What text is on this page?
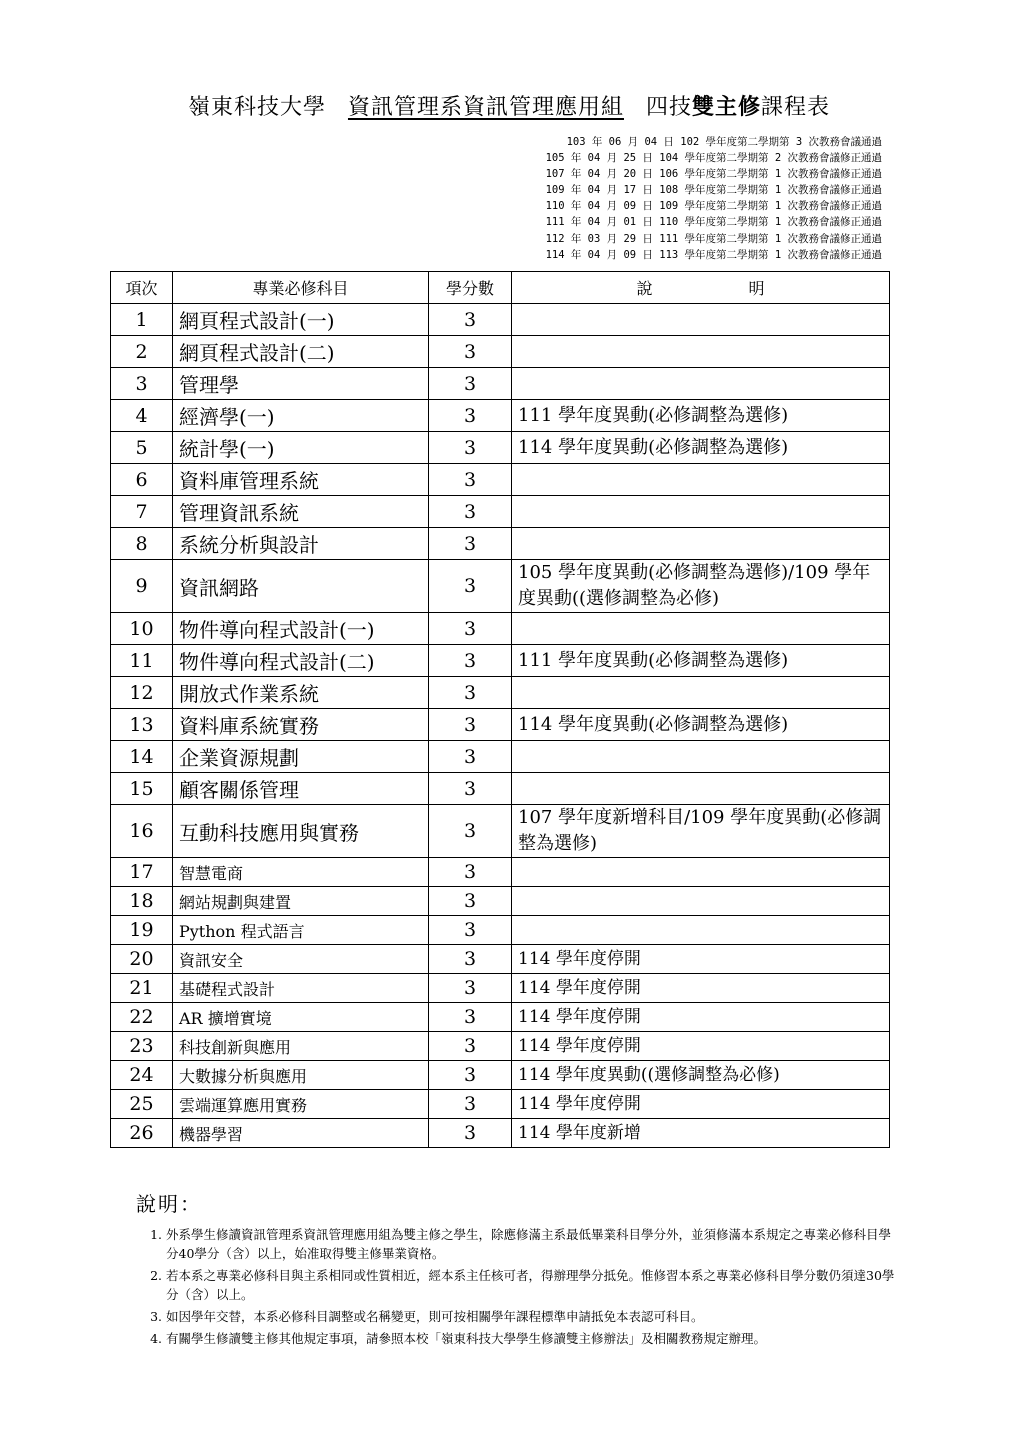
嶺東科技大學 資訊管理系資訊管理應用組 四技雙主修課程表
103 年 06 月 04 日 102 學年度第二學期第 3 次教務會議通過
105 年 04 月 25 日 104 學年度第二學期第 2 次教務會議修正通過
107 年 04 月 20 日 106 學年度第二學期第 1 次教務會議修正通過
109 年 04 月 17 日 108 學年度第二學期第 1 次教務會議修正通過
110 年 04 月 09 日 109 學年度第二學期第 1 次教務會議修正通過
111 年 04 月 01 日 110 學年度第二學期第 1 次教務會議修正通過
112 年 03 月 29 日 111 學年度第二學期第 1 次教務會議修正通過
114 年 04 月 09 日 113 學年度第二學期第 1 次教務會議修正通過
項次	專業必修科目	學分數	說 明
1	網頁程式設計(一)	3	
2	網頁程式設計(二)	3	
3	管理學	3	
4	經濟學(一)	3	111 學年度異動(必修調整為選修)
5	統計學(一)	3	114 學年度異動(必修調整為選修)
6	資料庫管理系統	3	
7	管理資訊系統	3	
8	系統分析與設計	3	
9	資訊網路	3	105 學年度異動(必修調整為選修)/109 學年度異動((選修調整為必修)
10	物件導向程式設計(一)	3	
11	物件導向程式設計(二)	3	111 學年度異動(必修調整為選修)
12	開放式作業系統	3	
13	資料庫系統實務	3	114 學年度異動(必修調整為選修)
14	企業資源規劃	3	
15	顧客關係管理	3	
16	互動科技應用與實務	3	107 學年度新增科目/109 學年度異動(必修調整為選修)
17	智慧電商	3	
18	網站規劃與建置	3	
19	Python 程式語言	3	
20	資訊安全	3	114 學年度停開
21	基礎程式設計	3	114 學年度停開
22	AR 擴增實境	3	114 學年度停開
23	科技創新與應用	3	114 學年度停開
24	大數據分析與應用	3	114 學年度異動((選修調整為必修)
25	雲端運算應用實務	3	114 學年度停開
26	機器學習	3	114 學年度新增
說明：
1. 外系學生修讀資訊管理系資訊管理應用組為雙主修之學生，除應修滿主系最低畢業科目學分外，並須修滿本系規定之專業必修科目學分40學分（含）以上，始准取得雙主修畢業資格。
2. 若本系之專業必修科目與主系相同或性質相近，經本系主任核可者，得辦理學分抵免。惟修習本系之專業必修科目學分數仍須達30學分（含）以上。
3. 如因學年交替，本系必修科目調整或名稱變更，則可按相關學年課程標準申請抵免本表認可科目。
4. 有關學生修讀雙主修其他規定事項，請參照本校「嶺東科技大學學生修讀雙主修辦法」及相關教務規定辦理。
